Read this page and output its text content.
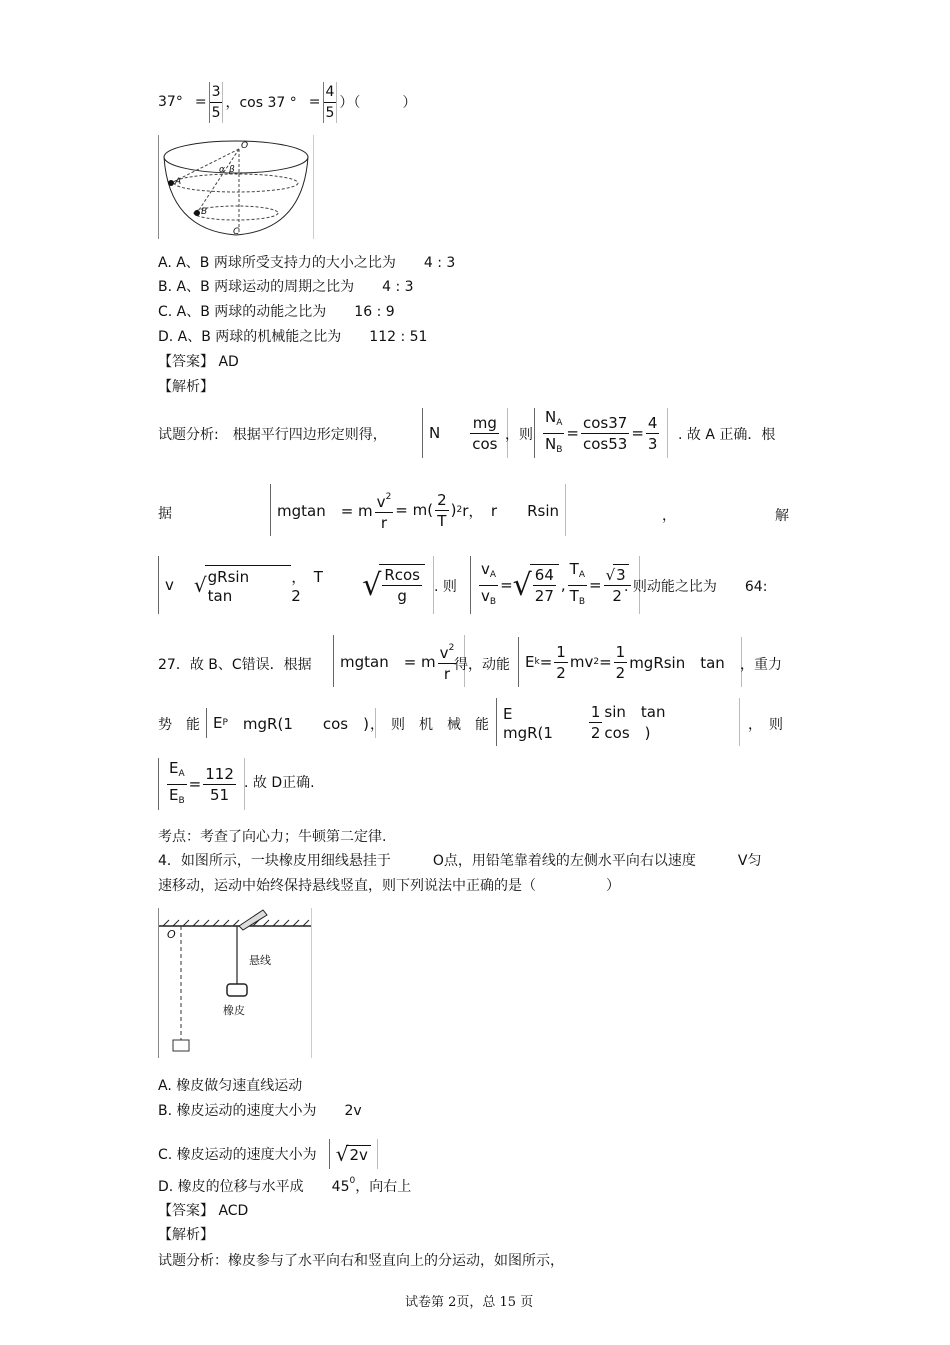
$37^\circ = \frac{3}{5}$ ，cos 37 ° = $\frac{4}{5}$ ）（　　　）
O
α β
A
B
C
A. A、B 两球所受支持力的大小之比为　　4 : 3
B. A、B 两球运动的周期之比为　　4 : 3
C. A、B 两球的动能之比为　　16 : 9
D. A、B 两球的机械能之比为　　112 : 51
【答案】 AD
【解析】
试题分析:　根据平行四边形定则得，	N $\frac{mg}{\cos}$ ，则 $\frac{N_A}{N_B} = \frac{\cos 37}{\cos 53} = \frac{4}{3}$ . 故 A 正确．根
据	mgtan　= m $\frac{v^2}{r} = m( \frac{2}{T}$ ) 2 r，　r　　Rsin	，	解
v √ gRsin　tan
，　T　　2	√
$\frac{Rcos}{g}$ . 则 $\frac{v_A}{v_B}$ = √
$\frac{64}{27}$ , $\frac{T_A}{T_B} = \frac{√3}{2}$
. 则动能之比为　　64:
27．故 B、C错误．根据 mgtan　= m $\frac{v^2}{r}$
得，动能 E $k = \frac{1}{2}$ mv $2 = \frac{1}{2}$ mgRsin　tan ，重力
势　能 E P 　mgR(1　　cos　) ，　则　机　械　能
E　　mgR(1	$\frac{1}{2}$ sin　tan　　cos　)	，　则
$\frac{E_A}{E_B} = \frac{112}{51}$ . 故 D正确.
考点：考查了向心力；牛顿第二定律.
4．如图所示，一块橡皮用细线悬挂于　　　O点，用铅笔靠着线的左侧水平向右以速度　　　V匀
速移动，运动中始终保持悬线竖直，则下列说法中正确的是（　　　　　）
O
悬线
橡皮
A. 橡皮做匀速直线运动
B. 橡皮运动的速度大小为　　2v
C. 橡皮运动的速度大小为 √ 2v
D. 橡皮的位移与水平成　　$45^0$，向右上
【答案】 ACD
【解析】
试题分析：橡皮参与了水平向右和竖直向上的分运动，如图所示，
试卷第 2页，总 15 页
